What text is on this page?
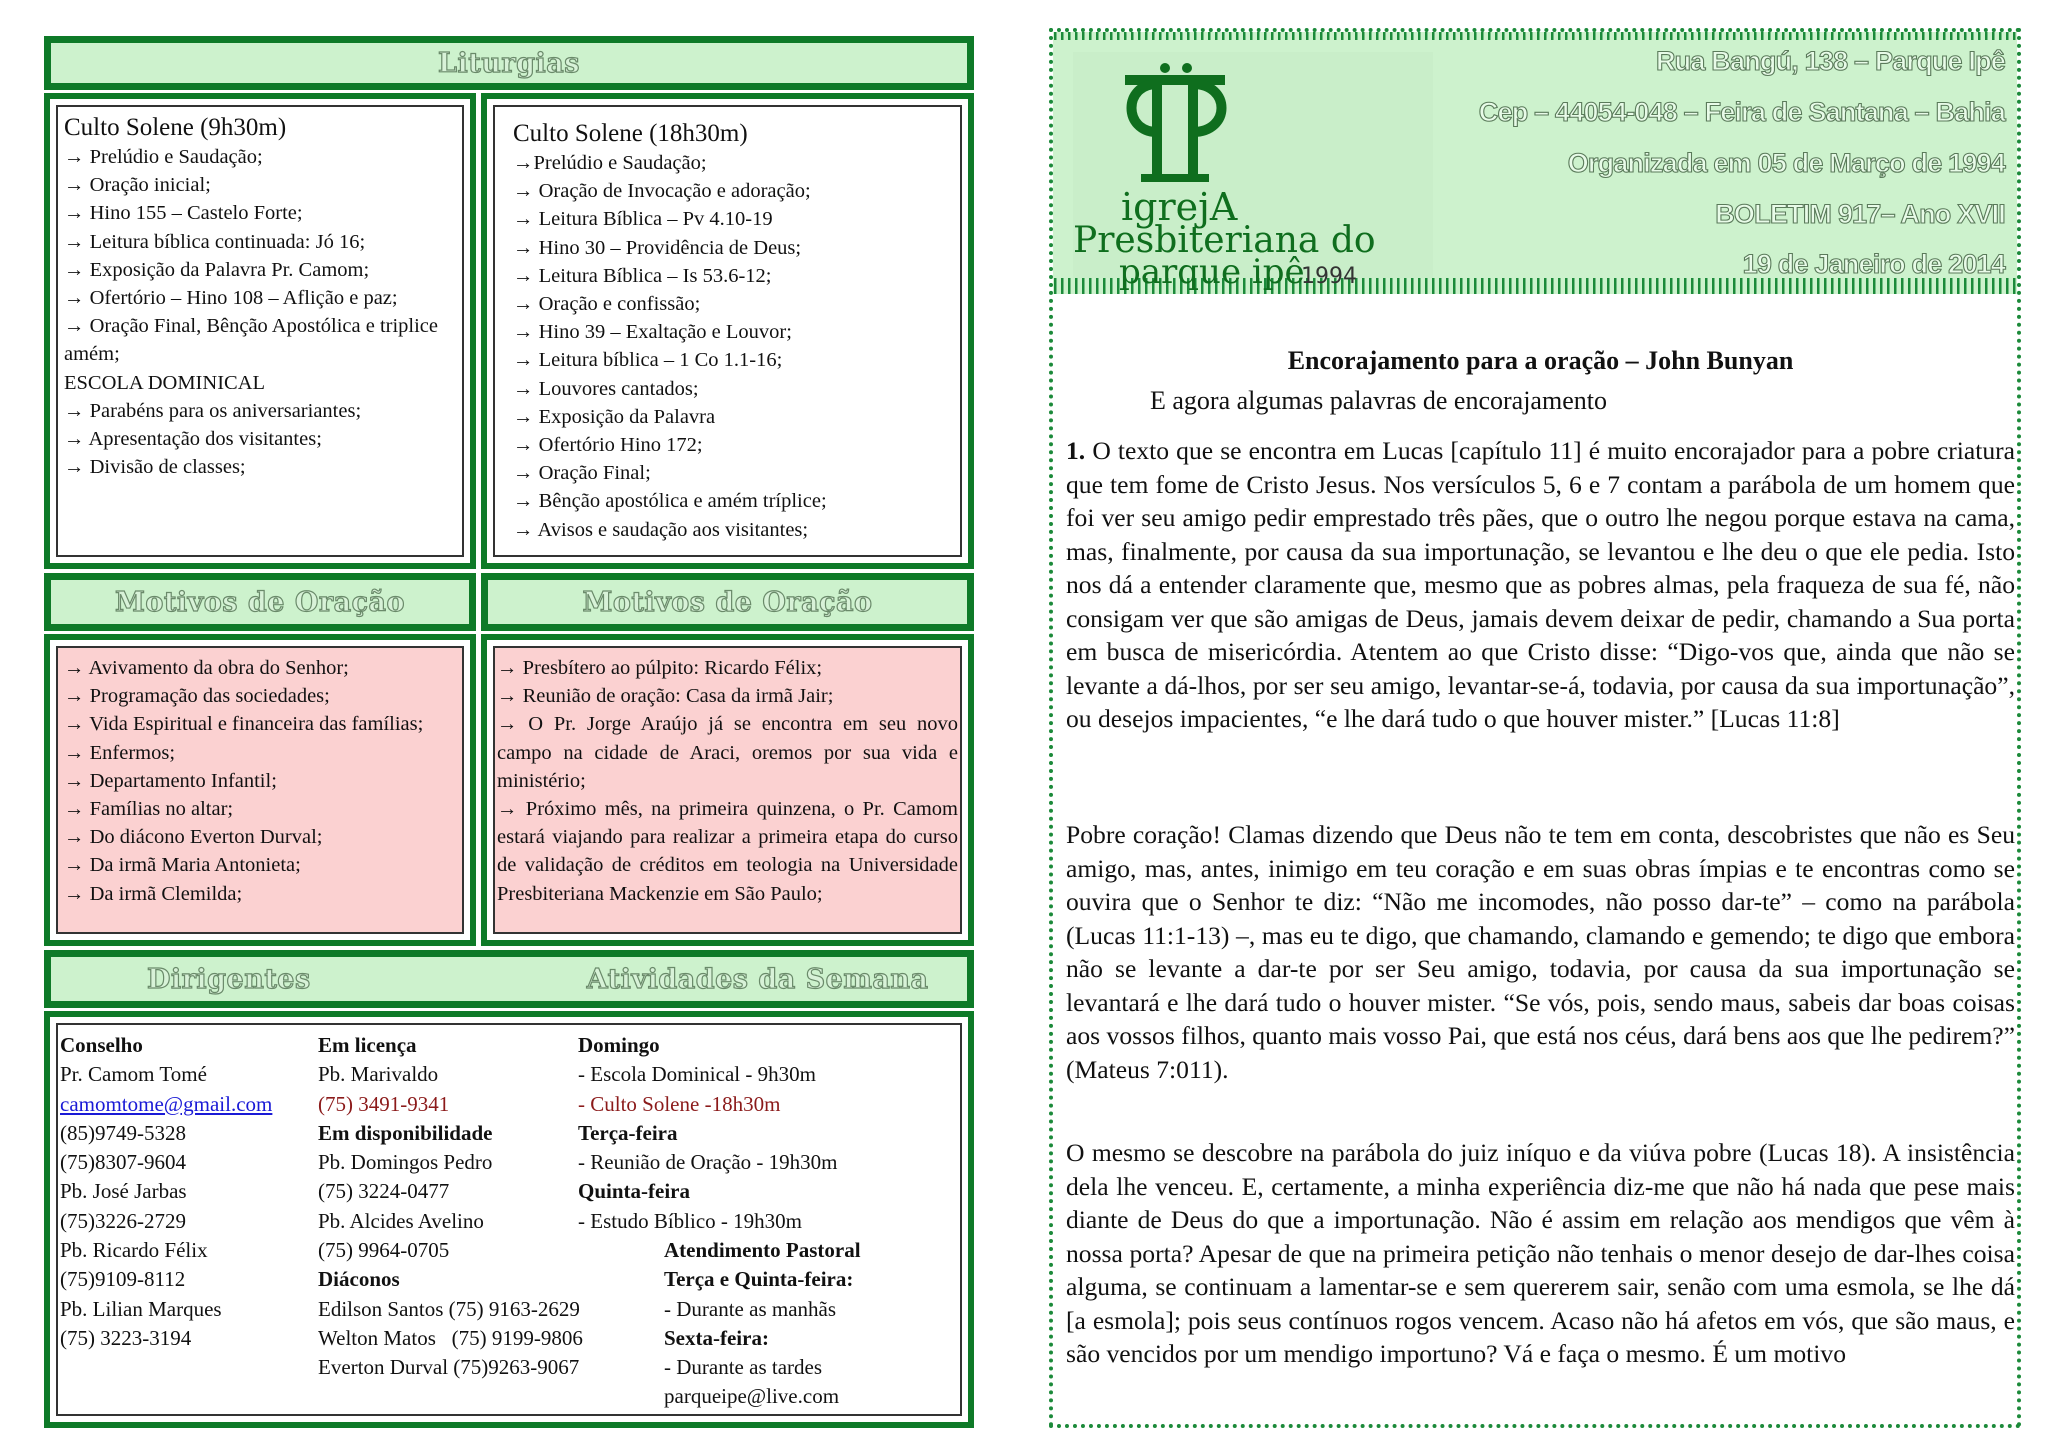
Liturgias
Culto Solene (9h30m)
→ Prelúdio e Saudação;
→ Oração inicial;
→ Hino 155 – Castelo Forte;
→ Leitura bíblica continuada: Jó 16;
→ Exposição da Palavra Pr. Camom;
→ Ofertório – Hino 108 – Aflição e paz;
→ Oração Final, Bênção Apostólica e triplice amém;
ESCOLA DOMINICAL
→ Parabéns para os aniversariantes;
→ Apresentação dos visitantes;
→ Divisão de classes;
Culto Solene (18h30m)
→Prelúdio e Saudação;
→ Oração de Invocação e adoração;
→ Leitura Bíblica – Pv 4.10-19
→ Hino 30 – Providência de Deus;
→ Leitura Bíblica – Is 53.6-12;
→ Oração e confissão;
→ Hino 39 – Exaltação e Louvor;
→ Leitura bíblica – 1 Co 1.1-16;
→ Louvores cantados;
→ Exposição da Palavra
→ Ofertório Hino 172;
→ Oração Final;
→ Bênção apostólica e amém tríplice;
→ Avisos e saudação aos visitantes;
Motivos de Oração	Motivos de Oração
→ Avivamento da obra do Senhor;
→ Programação das sociedades;
→ Vida Espiritual e financeira das famílias;
→ Enfermos;
→ Departamento Infantil;
→ Famílias no altar;
→ Do diácono Everton Durval;
→ Da irmã Maria Antonieta;
→ Da irmã Clemilda;
→ Presbítero ao púlpito: Ricardo Félix;
→ Reunião de oração: Casa da irmã Jair;
→ O Pr. Jorge Araújo já se encontra em seu novo campo na cidade de Araci, oremos por sua vida e ministério;
→ Próximo mês, na primeira quinzena, o Pr. Camom estará viajando para realizar a primeira etapa do curso de validação de créditos em teologia na Universidade Presbiteriana Mackenzie em São Paulo;
Dirigentes	Atividades da Semana
Conselho
Pr. Camom Tomé
camomtome@gmail.com
(85)9749-5328
(75)8307-9604
Pb. José Jarbas
(75)3226-2729
Pb. Ricardo Félix
(75)9109-8112
Pb. Lilian Marques
(75) 3223-3194
Em licença
Pb. Marivaldo
(75) 3491-9341
Em disponibilidade
Pb. Domingos Pedro
(75) 3224-0477
Pb. Alcides Avelino
(75) 9964-0705
Diáconos
Edilson Santos (75) 9163-2629
Welton Matos   (75) 9199-9806
Everton Durval (75)9263-9067
Domingo
- Escola Dominical - 9h30m
- Culto Solene -18h30m
Terça-feira
- Reunião de Oração - 19h30m
Quinta-feira
- Estudo Bíblico - 19h30m
Atendimento Pastoral
Terça e Quinta-feira:
- Durante as manhãs
Sexta-feira:
- Durante as tardes
parqueipe@live.com
igrejA
Presbiteriana do
parque ipê
1994
Rua Bangú, 138 – Parque Ipê
Cep – 44054-048 – Feira de Santana – Bahia
Organizada em 05 de Março de 1994
BOLETIM 917– Ano XVII
19 de Janeiro de 2014
Encorajamento para a oração – John Bunyan
E agora algumas palavras de encorajamento
1. O texto que se encontra em Lucas [capítulo 11] é muito encorajador para a pobre criatura que tem fome de Cristo Jesus. Nos versículos 5, 6 e 7 contam a parábola de um homem que foi ver seu amigo pedir emprestado três pães, que o outro lhe negou porque estava na cama, mas, finalmente, por causa da sua importunação, se levantou e lhe deu o que ele pedia. Isto nos dá a entender claramente que, mesmo que as pobres almas, pela fraqueza de sua fé, não consigam ver que são amigas de Deus, jamais devem deixar de pedir, chamando a Sua porta em busca de misericórdia. Atentem ao que Cristo disse: “Digo-vos que, ainda que não se levante a dá-lhos, por ser seu amigo, levantar-se-á, todavia, por causa da sua importunação”, ou desejos impacientes, “e lhe dará tudo o que houver mister.” [Lucas 11:8]
Pobre coração! Clamas dizendo que Deus não te tem em conta, descobristes que não es Seu amigo, mas, antes, inimigo em teu coração e em suas obras ímpias e te encontras como se ouvira que o Senhor te diz: “Não me incomodes, não posso dar-te” – como na parábola (Lucas 11:1-13) –, mas eu te digo, que chamando, clamando e gemendo; te digo que embora não se levante a dar-te por ser Seu amigo, todavia, por causa da sua importunação se levantará e lhe dará tudo o houver mister. “Se vós, pois, sendo maus, sabeis dar boas coisas aos vossos filhos, quanto mais vosso Pai, que está nos céus, dará bens aos que lhe pedirem?” (Mateus 7:011).
O mesmo se descobre na parábola do juiz iníquo e da viúva pobre (Lucas 18). A insistência dela lhe venceu. E, certamente, a minha experiência diz-me que não há nada que pese mais diante de Deus do que a importunação. Não é assim em relação aos mendigos que vêm à nossa porta? Apesar de que na primeira petição não tenhais o menor desejo de dar-lhes coisa alguma, se continuam a lamentar-se e sem quererem sair, senão com uma esmola, se lhe dá [a esmola]; pois seus contínuos rogos vencem. Acaso não há afetos em vós, que são maus, e são vencidos por um mendigo importuno? Vá e faça o mesmo. É um motivo
